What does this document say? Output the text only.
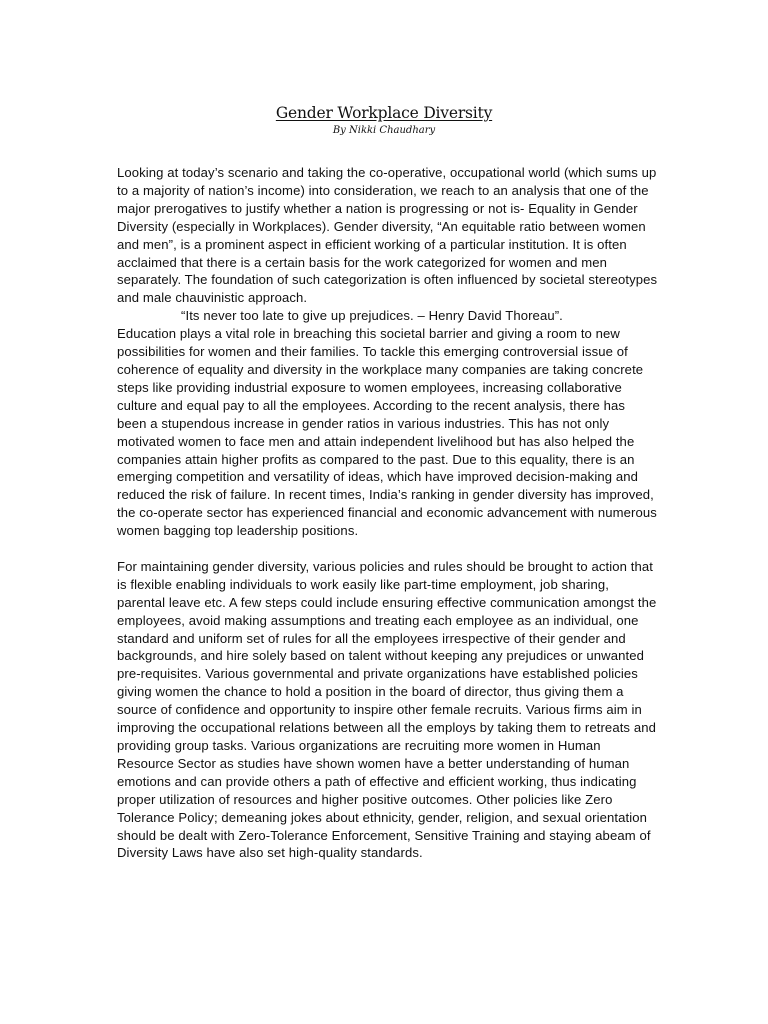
Gender Workplace Diversity
By Nikki Chaudhary

Looking at today’s scenario and taking the co-operative, occupational world (which sums up to a majority of nation’s income) into consideration, we reach to an analysis that one of the major prerogatives to justify whether a nation is progressing or not is- Equality in Gender Diversity (especially in Workplaces). Gender diversity, “An equitable ratio between women and men”, is a prominent aspect in efficient working of a particular institution. It is often acclaimed that there is a certain basis for the work categorized for women and men separately. The foundation of such categorization is often influenced by societal stereotypes and male chauvinistic approach.

“Its never too late to give up prejudices. – Henry David Thoreau”.

Education plays a vital role in breaching this societal barrier and giving a room to new possibilities for women and their families. To tackle this emerging controversial issue of coherence of equality and diversity in the workplace many companies are taking concrete steps like providing industrial exposure to women employees, increasing collaborative culture and equal pay to all the employees. According to the recent analysis, there has been a stupendous increase in gender ratios in various industries. This has not only motivated women to face men and attain independent livelihood but has also helped the companies attain higher profits as compared to the past. Due to this equality, there is an emerging competition and versatility of ideas, which have improved decision-making and reduced the risk of failure. In recent times, India’s ranking in gender diversity has improved, the co-operate sector has experienced financial and economic advancement with numerous women bagging top leadership positions.

For maintaining gender diversity, various policies and rules should be brought to action that is flexible enabling individuals to work easily like part-time employment, job sharing, parental leave etc. A few steps could include ensuring effective communication amongst the employees, avoid making assumptions and treating each employee as an individual, one standard and uniform set of rules for all the employees irrespective of their gender and backgrounds, and hire solely based on talent without keeping any prejudices or unwanted pre-requisites. Various governmental and private organizations have established policies giving women the chance to hold a position in the board of director, thus giving them a source of confidence and opportunity to inspire other female recruits. Various firms aim in improving the occupational relations between all the employs by taking them to retreats and providing group tasks. Various organizations are recruiting more women in Human Resource Sector as studies have shown women have a better understanding of human emotions and can provide others a path of effective and efficient working, thus indicating proper utilization of resources and higher positive outcomes. Other policies like Zero Tolerance Policy; demeaning jokes about ethnicity, gender, religion, and sexual orientation should be dealt with Zero-Tolerance Enforcement, Sensitive Training and staying abeam of Diversity Laws have also set high-quality standards.
